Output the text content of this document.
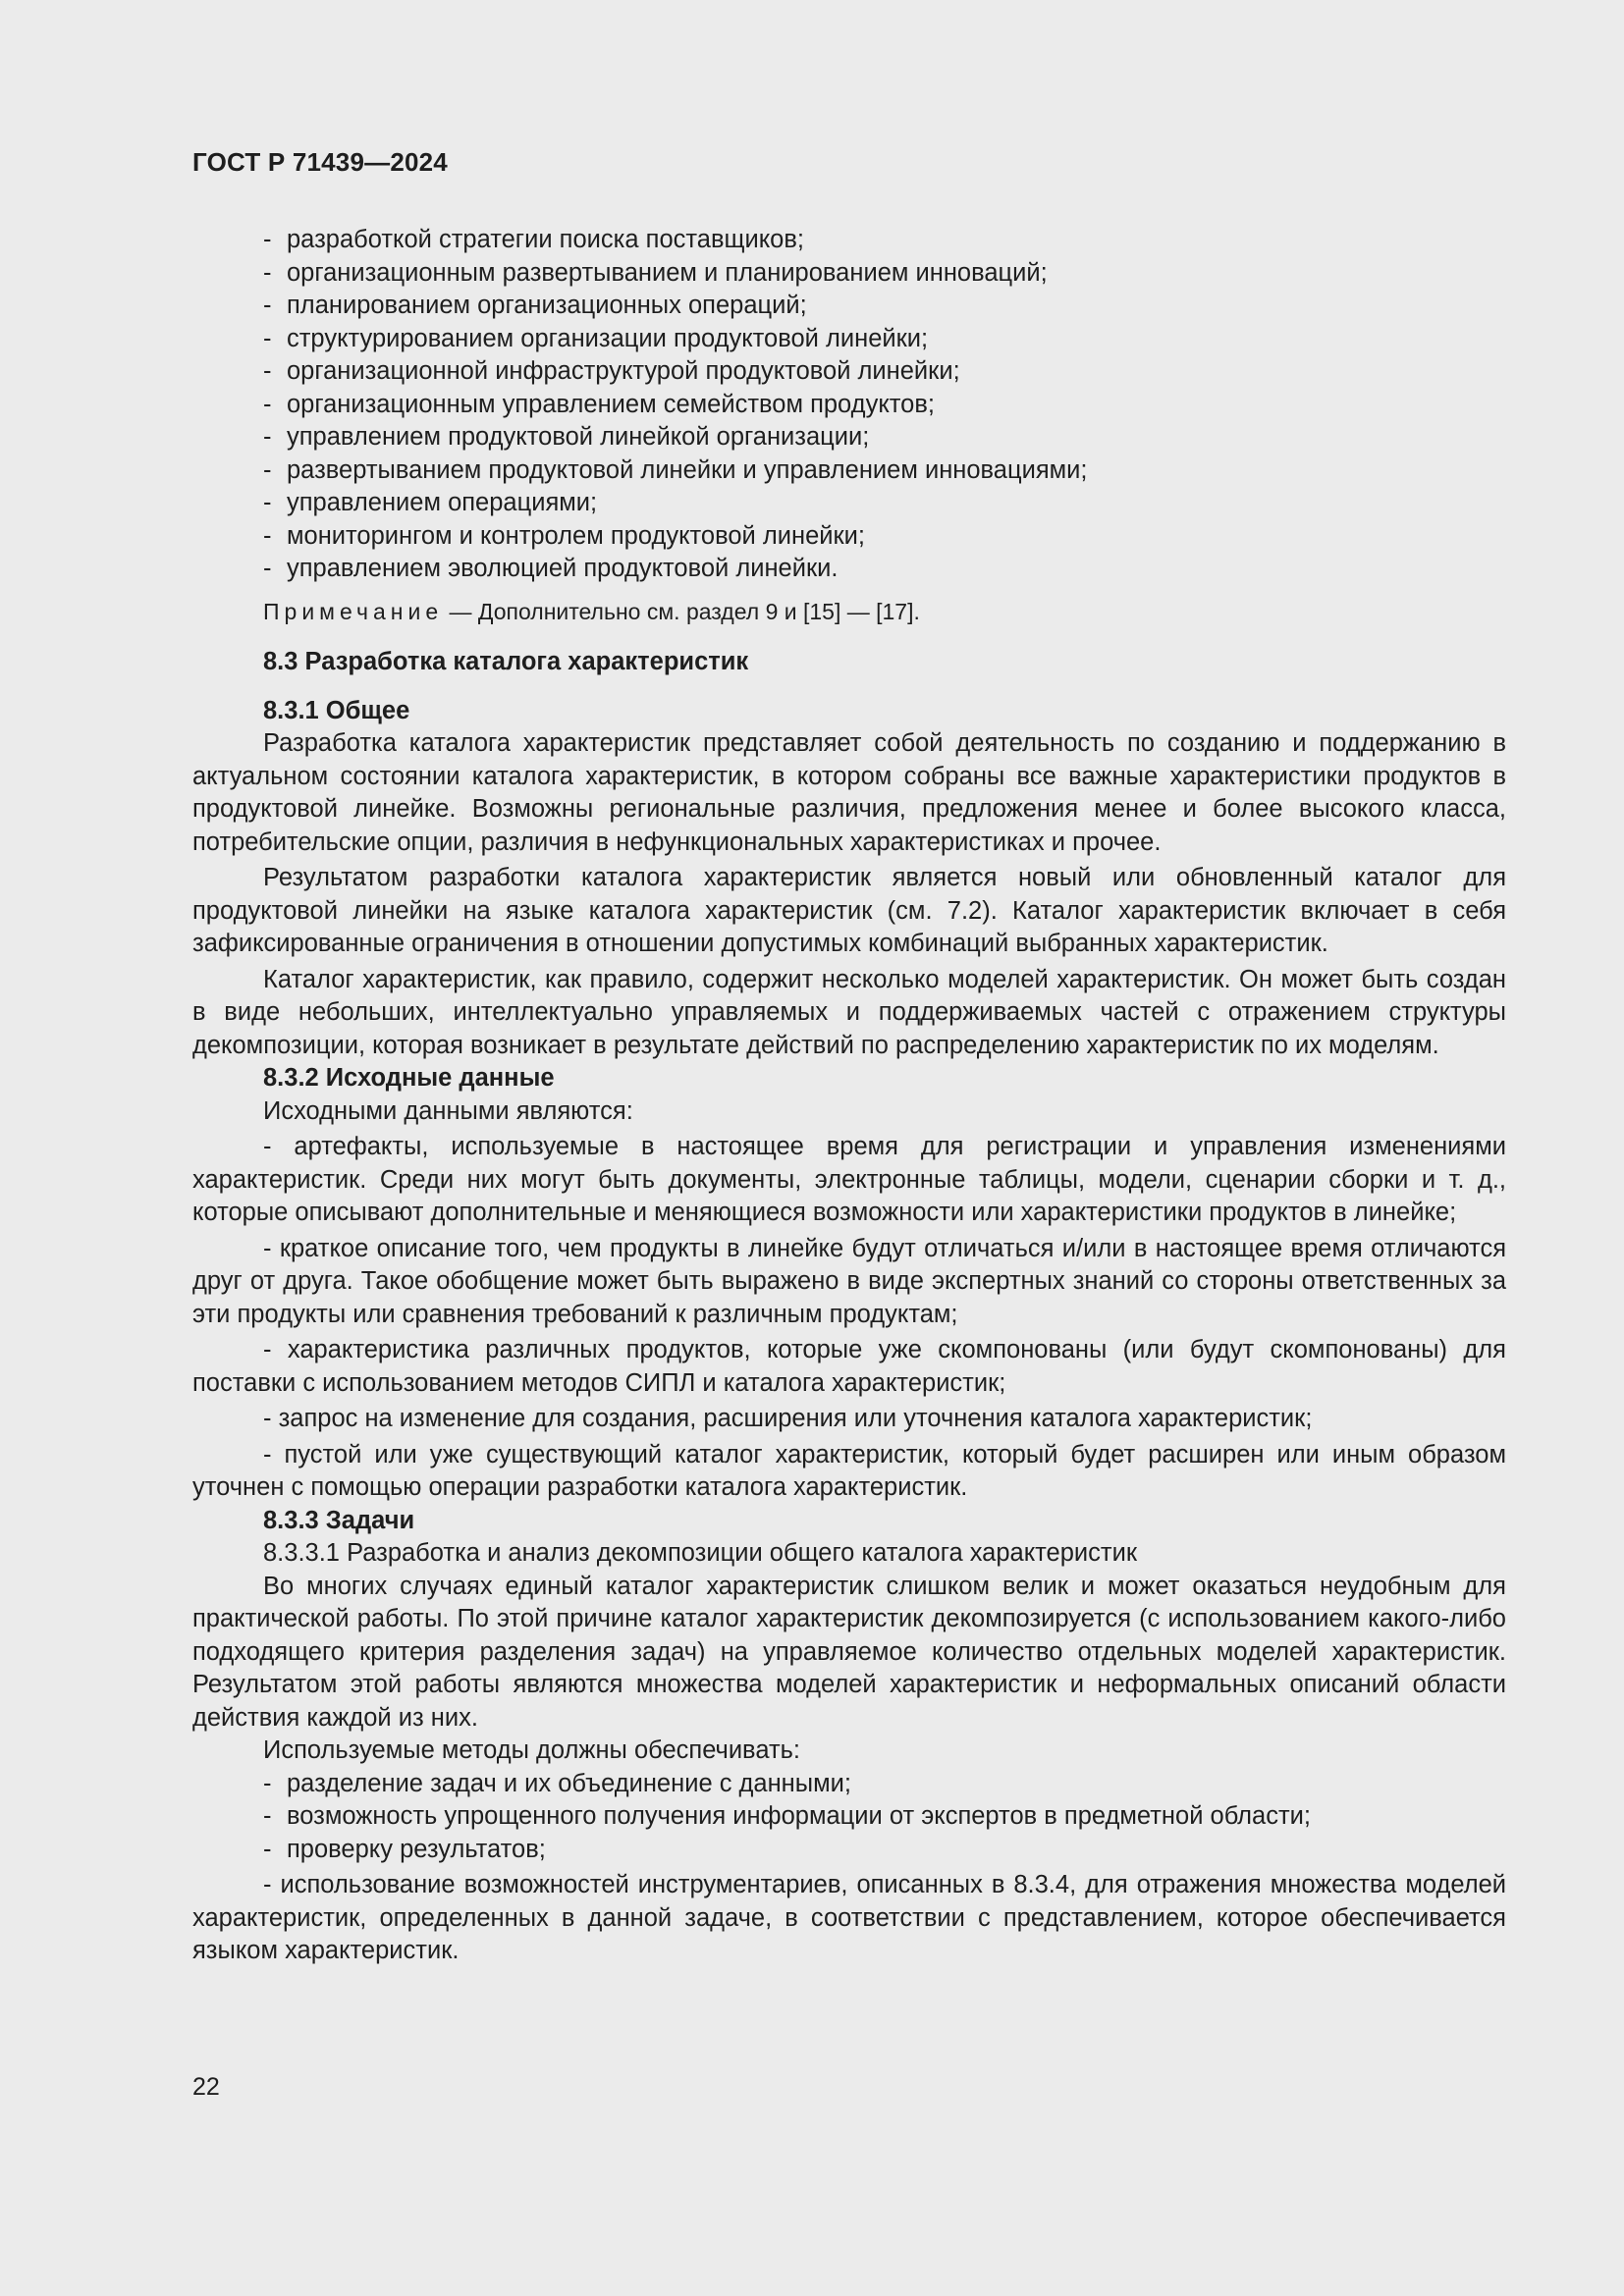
ГОСТ Р 71439—2024
- разработкой стратегии поиска поставщиков;
- организационным развертыванием и планированием инноваций;
- планированием организационных операций;
- структурированием организации продуктовой линейки;
- организационной инфраструктурой продуктовой линейки;
- организационным управлением семейством продуктов;
- управлением продуктовой линейкой организации;
- развертыванием продуктовой линейки и управлением инновациями;
- управлением операциями;
- мониторингом и контролем продуктовой линейки;
- управлением эволюцией продуктовой линейки.
Примечание — Дополнительно см. раздел 9 и [15] — [17].
8.3 Разработка каталога характеристик
8.3.1 Общее

Разработка каталога характеристик представляет собой деятельность по созданию и поддержанию в актуальном состоянии каталога характеристик, в котором собраны все важные характеристики продуктов в продуктовой линейке. Возможны региональные различия, предложения менее и более высокого класса, потребительские опции, различия в нефункциональных характеристиках и прочее.

Результатом разработки каталога характеристик является новый или обновленный каталог для продуктовой линейки на языке каталога характеристик (см. 7.2). Каталог характеристик включает в себя зафиксированные ограничения в отношении допустимых комбинаций выбранных характеристик.

Каталог характеристик, как правило, содержит несколько моделей характеристик. Он может быть создан в виде небольших, интеллектуально управляемых и поддерживаемых частей с отражением структуры декомпозиции, которая возникает в результате действий по распределению характеристик по их моделям.

8.3.2 Исходные данные

Исходными данными являются:

- артефакты, используемые в настоящее время для регистрации и управления изменениями характеристик. Среди них могут быть документы, электронные таблицы, модели, сценарии сборки и т. д., которые описывают дополнительные и меняющиеся возможности или характеристики продуктов в линейке;

- краткое описание того, чем продукты в линейке будут отличаться и/или в настоящее время отличаются друг от друга. Такое обобщение может быть выражено в виде экспертных знаний со стороны ответственных за эти продукты или сравнения требований к различным продуктам;

- характеристика различных продуктов, которые уже скомпонованы (или будут скомпонованы) для поставки с использованием методов СИПЛ и каталога характеристик;

- запрос на изменение для создания, расширения или уточнения каталога характеристик;

- пустой или уже существующий каталог характеристик, который будет расширен или иным образом уточнен с помощью операции разработки каталога характеристик.

8.3.3 Задачи
8.3.3.1 Разработка и анализ декомпозиции общего каталога характеристик

Во многих случаях единый каталог характеристик слишком велик и может оказаться неудобным для практической работы. По этой причине каталог характеристик декомпозируется (с использованием какого-либо подходящего критерия разделения задач) на управляемое количество отдельных моделей характеристик. Результатом этой работы являются множества моделей характеристик и неформальных описаний области действия каждой из них.

Используемые методы должны обеспечивать:

- разделение задач и их объединение с данными;
- возможность упрощенного получения информации от экспертов в предметной области;
- проверку результатов;

- использование возможностей инструментариев, описанных в 8.3.4, для отражения множества моделей характеристик, определенных в данной задаче, в соответствии с представлением, которое обеспечивается языком характеристик.

22
